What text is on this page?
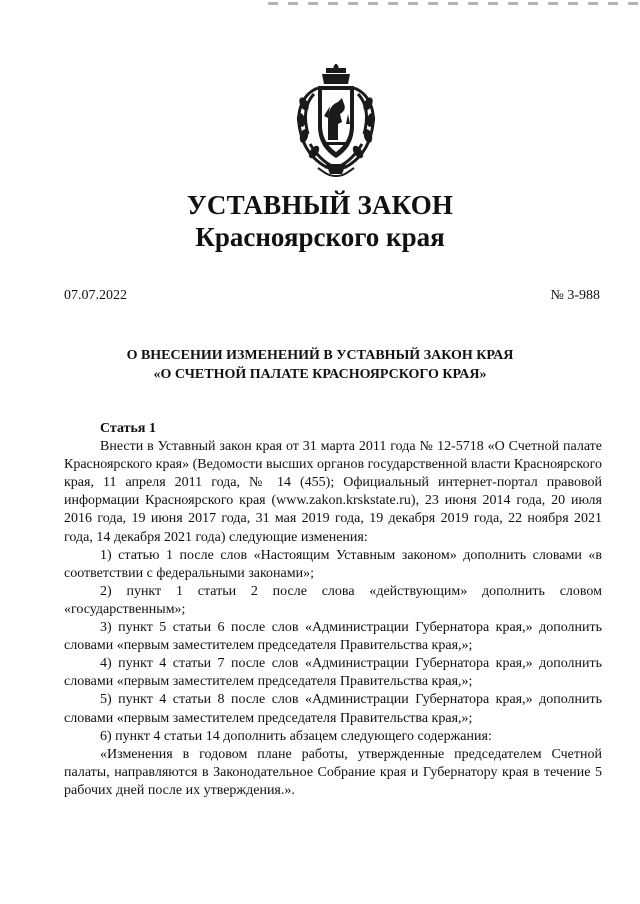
УСТАВНЫЙ ЗАКОН
Красноярского края
07.07.2022	№ 3-988
О ВНЕСЕНИИ ИЗМЕНЕНИЙ В УСТАВНЫЙ ЗАКОН КРАЯ
«О СЧЕТНОЙ ПАЛАТЕ КРАСНОЯРСКОГО КРАЯ»
Статья 1

Внести в Уставный закон края от 31 марта 2011 года № 12-5718 «О Счетной палате Красноярского края» (Ведомости высших органов государственной власти Красноярского края, 11 апреля 2011 года, № 14 (455); Официальный интернет-портал правовой информации Красноярского края (www.zakon.krskstate.ru), 23 июня 2014 года, 20 июля 2016 года, 19 июня 2017 года, 31 мая 2019 года, 19 декабря 2019 года, 22 ноября 2021 года, 14 декабря 2021 года) следующие изменения:

1) статью 1 после слов «Настоящим Уставным законом» дополнить словами «в соответствии с федеральными законами»;

2) пункт 1 статьи 2 после слова «действующим» дополнить словом «государственным»;

3) пункт 5 статьи 6 после слов «Администрации Губернатора края,» дополнить словами «первым заместителем председателя Правительства края,»;

4) пункт 4 статьи 7 после слов «Администрации Губернатора края,» дополнить словами «первым заместителем председателя Правительства края,»;

5) пункт 4 статьи 8 после слов «Администрации Губернатора края,» дополнить словами «первым заместителем председателя Правительства края,»;

6) пункт 4 статьи 14 дополнить абзацем следующего содержания:

«Изменения в годовом плане работы, утвержденные председателем Счетной палаты, направляются в Законодательное Собрание края и Губернатору края в течение 5 рабочих дней после их утверждения.».
